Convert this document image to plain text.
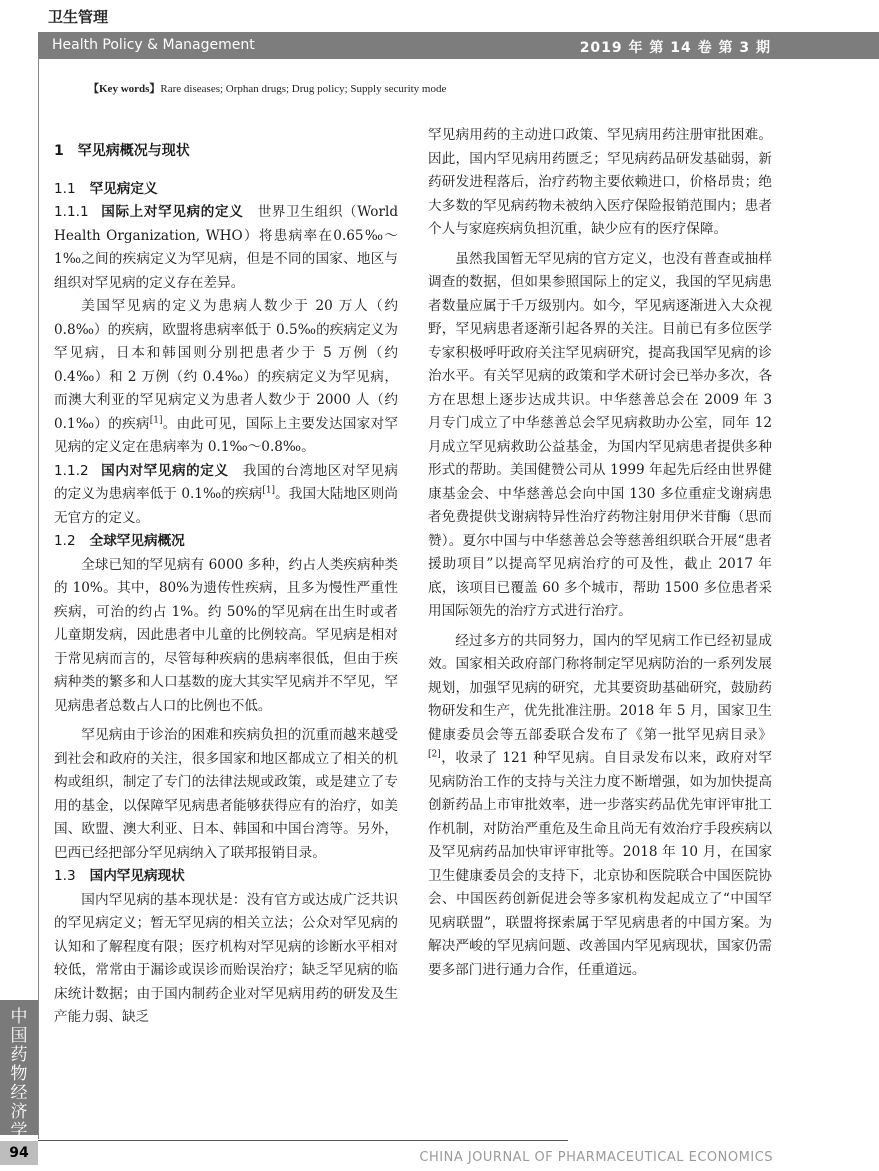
卫生管理
Health Policy & Management	2019 年 第 14 卷 第 3 期
【Key words】Rare diseases; Orphan drugs; Drug policy; Supply security mode
1　罕见病概况与现状
1.1 罕见病定义

1.1.1 国际上对罕见病的定义　 世界卫生组织（World Health Organization, WHO）将患病率在0.65‰～1‰之间的疾病定义为罕见病，但是不同的国家、地区与组织对罕见病的定义存在差异。

美国罕见病的定义为患病人数少于 20 万人（约 0.8‰）的疾病，欧盟将患病率低于 0.5‰的疾病定义为罕见病，日本和韩国则分别把患者少于 5 万例（约 0.4‰）和 2 万例（约 0.4‰）的疾病定义为罕见病，而澳大利亚的罕见病定义为患者人数少于 2000 人（约 0.1‰）的疾病[1]。由此可见，国际上主要发达国家对罕见病的定义定在患病率为 0.1‰～0.8‰。

1.1.2 国内对罕见病的定义　 我国的台湾地区对罕见病的定义为患病率低于 0.1‰的疾病[1]。我国大陆地区则尚无官方的定义。

1.2 全球罕见病概况

全球已知的罕见病有 6000 多种，约占人类疾病种类的 10%。其中，80%为遗传性疾病，且多为慢性严重性疾病，可治的约占 1%。约 50%的罕见病在出生时或者儿童期发病，因此患者中儿童的比例较高。罕见病是相对于常见病而言的，尽管每种疾病的患病率很低，但由于疾病种类的繁多和人口基数的庞大其实罕见病并不罕见，罕见病患者总数占人口的比例也不低。

罕见病由于诊治的困难和疾病负担的沉重而越来越受到社会和政府的关注，很多国家和地区都成立了相关的机构或组织，制定了专门的法律法规或政策，或是建立了专用的基金，以保障罕见病患者能够获得应有的治疗，如美国、欧盟、澳大利亚、日本、韩国和中国台湾等。另外，巴西已经把部分罕见病纳入了联邦报销目录。

1.3 国内罕见病现状

国内罕见病的基本现状是：没有官方或达成广泛共识的罕见病定义；暂无罕见病的相关立法；公众对罕见病的认知和了解程度有限；医疗机构对罕见病的诊断水平相对较低，常常由于漏诊或误诊而贻误治疗；缺乏罕见病的临床统计数据；由于国内制药企业对罕见病用药的研发及生产能力弱、缺乏

罕见病用药的主动进口政策、罕见病用药注册审批困难。因此，国内罕见病用药匮乏；罕见病药品研发基础弱，新药研发进程落后，治疗药物主要依赖进口，价格昂贵；绝大多数的罕见病药物未被纳入医疗保险报销范围内；患者个人与家庭疾病负担沉重，缺少应有的医疗保障。

虽然我国暂无罕见病的官方定义，也没有普查或抽样调查的数据，但如果参照国际上的定义，我国的罕见病患者数量应属于千万级别内。如今，罕见病逐渐进入大众视野，罕见病患者逐渐引起各界的关注。目前已有多位医学专家积极呼吁政府关注罕见病研究，提高我国罕见病的诊治水平。有关罕见病的政策和学术研讨会已举办多次，各方在思想上逐步达成共识。中华慈善总会在 2009 年 3 月专门成立了中华慈善总会罕见病救助办公室，同年 12 月成立罕见病救助公益基金，为国内罕见病患者提供多种形式的帮助。美国健赞公司从 1999 年起先后经由世界健康基金会、中华慈善总会向中国 130 多位重症戈谢病患者免费提供戈谢病特异性治疗药物注射用伊米苷酶（思而赞）。夏尔中国与中华慈善总会等慈善组织联合开展“患者援助项目”以提高罕见病治疗的可及性，截止 2017 年底，该项目已覆盖 60 多个城市，帮助 1500 多位患者采用国际领先的治疗方式进行治疗。

经过多方的共同努力，国内的罕见病工作已经初显成效。国家相关政府部门称将制定罕见病防治的一系列发展规划，加强罕见病的研究，尤其要资助基础研究，鼓励药物研发和生产，优先批准注册。2018 年 5 月，国家卫生健康委员会等五部委联合发布了《第一批罕见病目录》[2]，收录了 121 种罕见病。自目录发布以来，政府对罕见病防治工作的支持与关注力度不断增强，如为加快提高创新药品上市审批效率，进一步落实药品优先审评审批工作机制，对防治严重危及生命且尚无有效治疗手段疾病以及罕见病药品加快审评审批等。2018 年 10 月，在国家卫生健康委员会的支持下，北京协和医院联合中国医院协会、中国医药创新促进会等多家机构发起成立了“中国罕见病联盟”，联盟将探索属于罕见病患者的中国方案。为解决严峻的罕见病问题、改善国内罕见病现状，国家仍需要多部门进行通力合作，任重道远。

中国药物经济学
94	CHINA JOURNAL OF PHARMACEUTICAL ECONOMICS
